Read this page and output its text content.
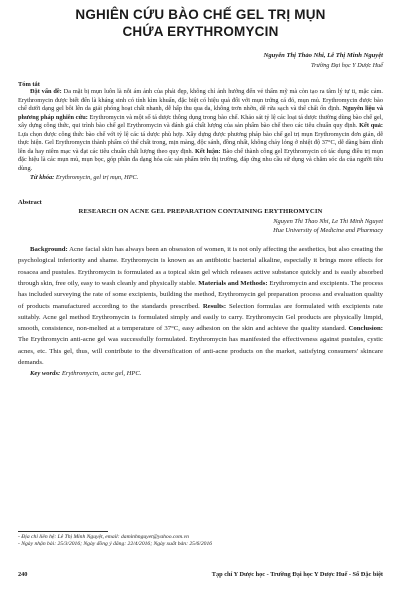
NGHIÊN CỨU BÀO CHẾ GEL TRỊ MỤN

CHỨA ERYTHROMYCIN

Nguyễn Thị Thảo Nhi, Lê Thị Minh Nguyệt
Trường Đại học Y Dược Huế
Tóm tắt

Đặt vấn đề: Da mặt bị mụn luôn là nỗi ám ảnh của phái đẹp, không chỉ ảnh hưởng đến vẻ thẩm mỹ mà còn tạo ra tâm lý tự ti, mặc cảm. Erythromycin được biết đến là kháng sinh có tính kìm khuẩn, đặc biệt có hiệu quả đối với mụn trứng cá đỏ, mụn mủ. Erythromycin được bào chế dưới dạng gel bôi lên da giải phóng hoạt chất nhanh, dễ hấp thu qua da, không trơn nhờn, dễ rửa sạch và thể chất ổn định. Nguyên liệu và phương pháp nghiên cứu: Erythromycin và một số tá dược thông dụng trong bào chế. Khảo sát tỷ lệ các loại tá dược thường dùng bào chế gel, xây dựng công thức, qui trình bào chế gel Erythromycin và đánh giá chất lượng của sản phẩm bào chế theo các tiêu chuẩn quy định. Kết quả: Lựa chọn được công thức bào chế với tỷ lệ các tá dược phù hợp. Xây dựng được phương pháp bào chế gel trị mụn Erythromycin đơn giản, dễ thực hiện. Gel Erythromycin thành phẩm có thể chất trong, mịn màng, độc sánh, đồng nhất, không chảy lỏng ở nhiệt độ 37°C, dễ dàng bám dính lên da hay niêm mạc và đạt các tiêu chuẩn chất lượng theo quy định. Kết luận: Bào chế thành công gel Erythromycin có tác dụng điều trị mụn đặc hiệu là các mụn mủ, mụn bọc, góp phần đa dạng hóa các sản phẩm trên thị trường, đáp ứng nhu cầu sử dụng và chăm sóc da của người tiêu dùng.

Từ khóa: Erythromycin, gel trị mụn, HPC.
Abstract
RESEARCH ON ACNE GEL PREPARATION CONTAINING ERYTHROMYCIN
Nguyen Thi Thao Nhi, Le Thi Minh Nguyet
Hue University of Medicine and Pharmacy

Background: Acne facial skin has always been an obsession of women, it is not only affecting the aesthetics, but also creating the psychological inferiority and shame. Erythromycin is known as an antibiotic bacterial alkaline, especially it brings more effects for rosacea and pustules. Erythromycin is formulated as a topical skin gel which releases active substance quickly and is easily absorbed through skin, free oily, easy to wash cleanly and physically stable. Materials and Methods: Erythromycin and excipients. The process has included surveying the rate of some excipients, building the method, Erythromycin gel preparation process and evaluation quality of products manufactured according to the standards prescribed. Results: Selection formulas are formulated with excipients rate suitably. Acne gel method Erythromycin is formulated simply and easily to carry. Erythromycin Gel products are physically limpid, smooth, consistence, non-melted at a temperature of 37°C, easy adhesion on the skin and achieve the quality standard. Conclusion: The Erythromycin anti-acne gel was successfully formulated. Erythromycin has manifested the effectiveness against pustules, cystic acnes, etc. This gel, thus, will contribute to the diversification of anti-acne products on the market, satisfying consumers' skincare demands.

Key words: Erythromycin, acne gel, HPC.
- Địa chỉ liên hệ: Lê Thị Minh Nguyệt, email: daminhnguyet@yahoo.com.vn
- Ngày nhận bài: 25/3/2016; Ngày đồng ý đăng: 22/4/2016; Ngày xuất bản: 25/6/2016
240	Tạp chí Y Dược học - Trường Đại học Y Dược Huế - Số Đặc biệt
